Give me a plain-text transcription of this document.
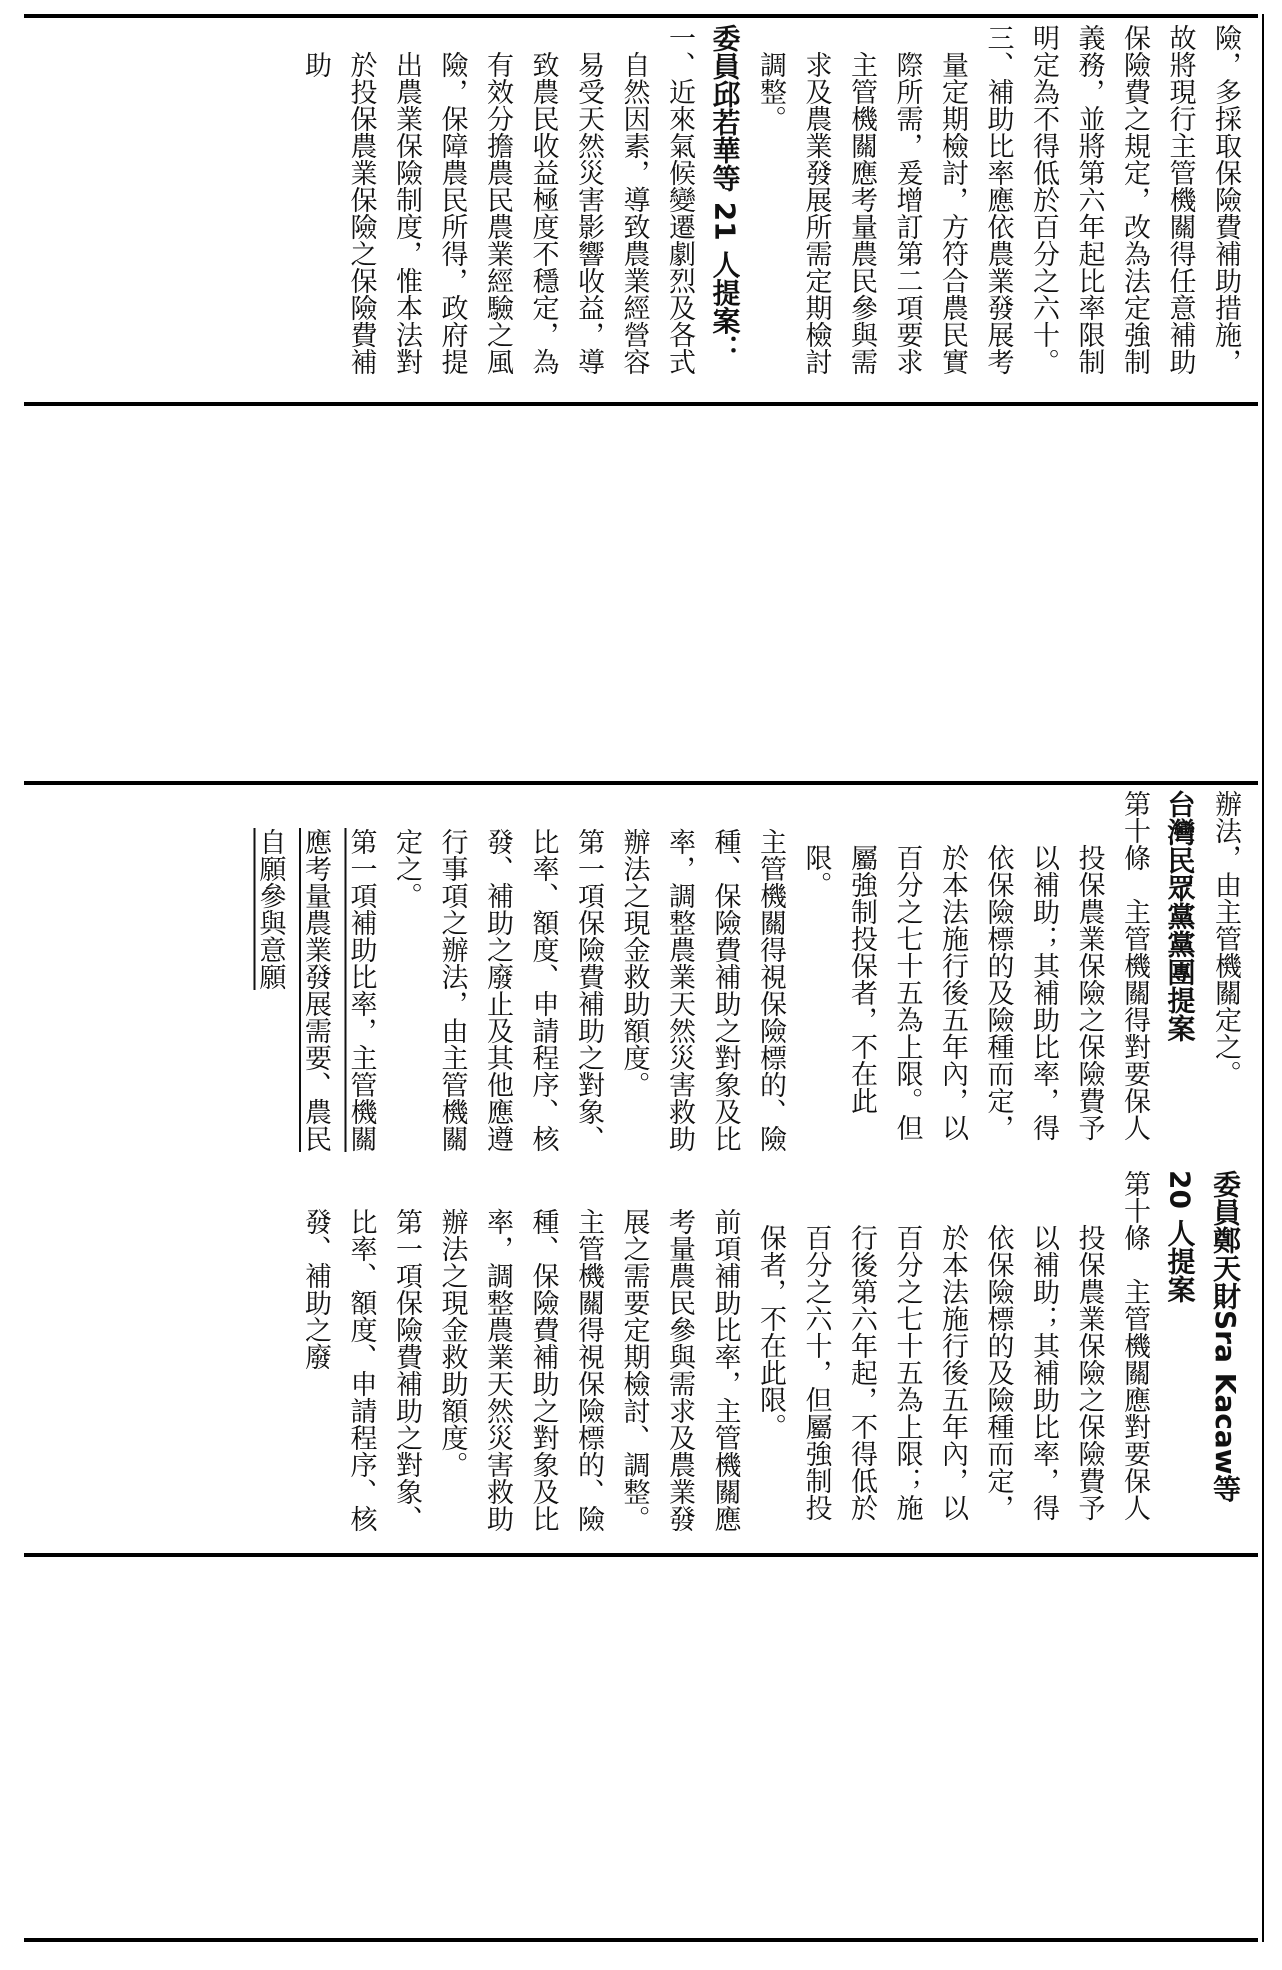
委員鄭天財Sra Kacaw等 20 人提案

第十條　主管機關應對要保人投保農業保險之保險費予以補助；其補助比率，得依保險標的及險種而定，於本法施行後五年內，以百分之七十五為上限；施行後第六年起，不得低於百分之六十，但屬強制投保者，不在此限。

前項補助比率，主管機關應考量農民參與需求及農業發展之需要定期檢討、調整。

主管機關得視保險標的、險種、保險費補助之對象及比率，調整農業天然災害救助辦法之現金救助額度。

第一項保險費補助之對象、比率、額度、申請程序、核發、補助之廢

辦法，由主管機關定之。

台灣民眾黨黨團提案

第十條　主管機關得對要保人投保農業保險之保險費予以補助；其補助比率，得依保險標的及險種而定，於本法施行後五年內，以百分之七十五為上限。但屬強制投保者，不在此限。

主管機關得視保險標的、險種、保險費補助之對象及比率，調整農業天然災害救助辦法之現金救助額度。

第一項保險費補助之對象、比率、額度、申請程序、核發、補助之廢止及其他應遵行事項之辦法，由主管機關定之。

第一項補助比率，主管機關應考量農業發展需要、農民自願參與意願

險，多採取保險費補助措施，故將現行主管機關得任意補助保險費之規定，改為法定強制義務，並將第六年起比率限制明定為不得低於百分之六十。

三、補助比率應依農業發展考量定期檢討，方符合農民實際所需，爰增訂第二項要求主管機關應考量農民參與需求及農業發展所需定期檢討調整。

委員邱若華等 21 人提案：

一、近來氣候變遷劇烈及各式自然因素，導致農業經營容易受天然災害影響收益，導致農民收益極度不穩定，為有效分擔農民農業經驗之風險，保障農民所得，政府提出農業保險制度，惟本法對於投保農業保險之保險費補助
